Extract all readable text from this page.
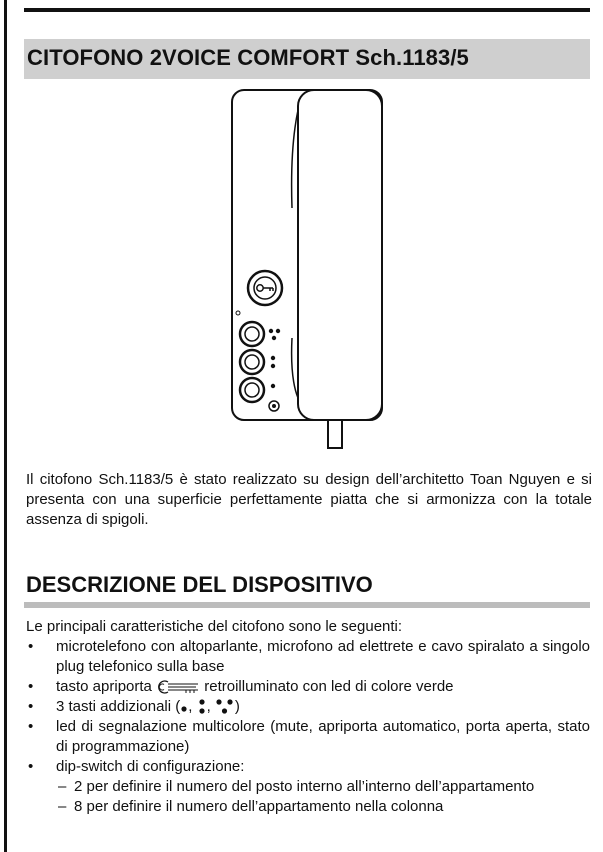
CITOFONO 2VOICE COMFORT Sch.1183/5

Il citofono Sch.1183/5 è stato realizzato su design dell’architetto Toan Nguyen e si presenta con una superficie perfettamente piatta che si armonizza con la totale assenza di spigoli.

DESCRIZIONE DEL DISPOSITIVO

Le principali caratteristiche del citofono sono le seguenti:

• microtelefono con altoparlante, microfono ad elettrete e cavo spiralato a singolo plug telefonico sulla base
• tasto apriporta	retroilluminato con led di colore verde
• 3 tasti addizionali ( , , )
• led di segnalazione multicolore (mute, apriporta automatico, porta aperta, stato di programmazione)
• dip-switch di configurazione:
– 2 per definire il numero del posto interno all’interno dell’appartamento
– 8 per definire il numero dell’appartamento nella colonna
